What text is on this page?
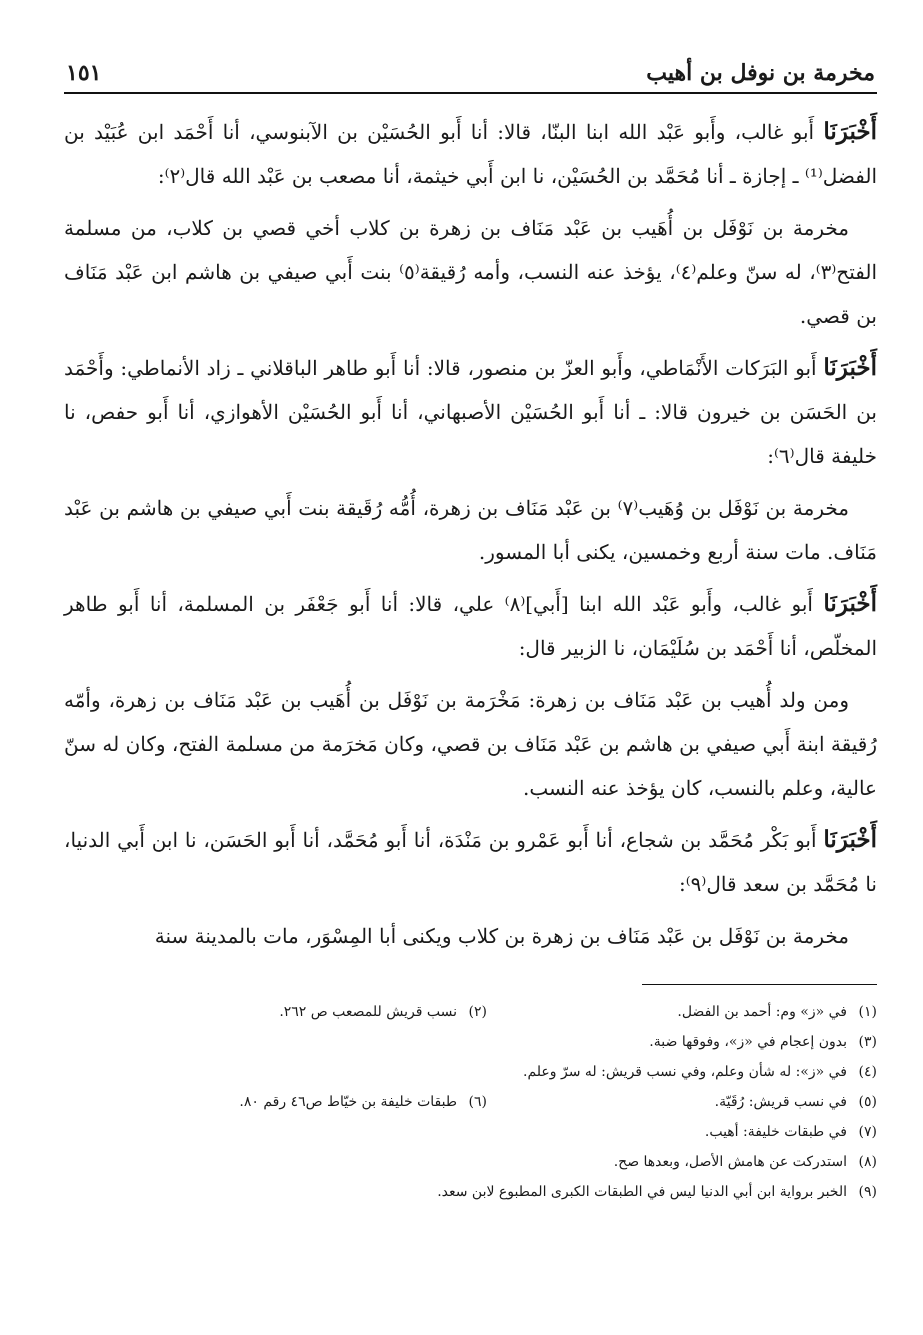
مخرمة بن نوفل بن أهيب
١٥١

أَخْبَرَنَا أَبو غالب، وأَبو عَبْد الله ابنا البنّا، قالا: أنا أَبو الحُسَيْن بن الآبنوسي، أنا أَحْمَد ابن عُبَيْد بن الفضل⁽¹⁾ ـ إجازة ـ أنا مُحَمَّد بن الحُسَيْن، نا ابن أَبي خيثمة، أنا مصعب بن عَبْد الله قال⁽٢⁾:

مخرمة بن نَوْفَل بن أُهَيب بن عَبْد مَنَاف بن زهرة بن كلاب أخي قصي بن كلاب، من مسلمة الفتح⁽٣⁾، له سنّ وعلم⁽٤⁾، يؤخذ عنه النسب، وأمه رُقيقة⁽٥⁾ بنت أَبي صيفي بن هاشم ابن عَبْد مَنَاف بن قصي.

أَخْبَرَنَا أَبو البَرَكات الأَنْمَاطي، وأَبو العزّ بن منصور، قالا: أنا أَبو طاهر الباقلاني ـ زاد الأنماطي: وأَحْمَد بن الحَسَن بن خيرون قالا: ـ أنا أَبو الحُسَيْن الأصبهاني، أنا أَبو الحُسَيْن الأهوازي، أنا أَبو حفص، نا خليفة قال⁽٦⁾:

مخرمة بن نَوْفَل بن وُهَيب⁽٧⁾ بن عَبْد مَنَاف بن زهرة، أُمُّه رُقَيقة بنت أَبي صيفي بن هاشم بن عَبْد مَنَاف. مات سنة أربع وخمسين، يكنى أبا المسور.

أَخْبَرَنَا أَبو غالب، وأَبو عَبْد الله ابنا [أَبي]⁽٨⁾ علي، قالا: أنا أَبو جَعْفَر بن المسلمة، أنا أَبو طاهر المخلّص، أنا أَحْمَد بن سُلَيْمَان، نا الزبير قال:

ومن ولد أُهيب بن عَبْد مَنَاف بن زهرة: مَخْرَمة بن نَوْفَل بن أُهَيب بن عَبْد مَنَاف بن زهرة، وأمّه رُقيقة ابنة أَبي صيفي بن هاشم بن عَبْد مَنَاف بن قصي، وكان مَخرَمة من مسلمة الفتح، وكان له سنّ عالية، وعلم بالنسب، كان يؤخذ عنه النسب.

أَخْبَرَنَا أَبو بَكْر مُحَمَّد بن شجاع، أنا أَبو عَمْرو بن مَنْدَة، أنا أَبو مُحَمَّد، أنا أَبو الحَسَن، نا ابن أَبي الدنيا، نا مُحَمَّد بن سعد قال⁽٩⁾:

مخرمة بن نَوْفَل بن عَبْد مَنَاف بن زهرة بن كلاب ويكنى أبا المِسْوَر، مات بالمدينة سنة

(١)في «ز» وم: أحمد بن الفضل.
(٢)نسب قريش للمصعب ص ٢٦٢.
(٣)بدون إعجام في «ز»، وفوقها ضبة.
(٤)في «ز»: له شأن وعلم، وفي نسب قريش: له سرّ وعلم.
(٥)في نسب قريش: رُقَيّة.
(٦)طبقات خليفة بن خيّاط ص٤٦ رقم ٨٠.
(٧)في طبقات خليفة: أهيب.
(٨)استدركت عن هامش الأصل، وبعدها صح.
(٩)الخبر برواية ابن أبي الدنيا ليس في الطبقات الكبرى المطبوع لابن سعد.
